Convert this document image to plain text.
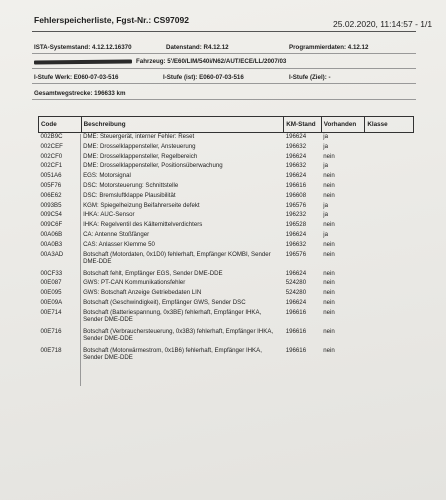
Fehlerspeicherliste, Fgst-Nr.: CS97092	25.02.2020, 11:14:57 - 1/1
ISTA-Systemstand: 4.12.12.16370	Datenstand: R4.12.12	Programmierdaten: 4.12.12
Fahrzeug: 5'/E60/LIM/540i/N62/AUT/ECE/LL/2007/03
I-Stufe Werk: E060-07-03-516	I-Stufe (ist): E060-07-03-516	I-Stufe (Ziel): -
Gesamtwegstrecke: 196633 km
Code	Beschreibung	KM-Stand	Vorhanden	Klasse
002B9C	DME: Steuergerät, interner Fehler: Reset	196624	ja	
002CEF	DME: Drosselklappensteller, Ansteuerung	196632	ja	
002CF0	DME: Drosselklappensteller, Regelbereich	196624	nein	
002CF1	DME: Drosselklappensteller, Positionsüberwachung	196632	ja	
0051A6	EGS: Motorsignal	196624	nein	
005F76	DSC: Motorsteuerung: Schnittstelle	196616	nein	
006E62	DSC: Bremsluftklappe Plausibilität	196608	nein	
0093B5	KGM: Spiegelheizung Beifahrerseite defekt	196576	ja	
009C54	IHKA: AUC-Sensor	196232	ja	
009C6F	IHKA: Regelventil des Kältemittelverdichters	196528	nein	
00A06B	CA: Antenne Stoßfänger	196624	ja	
00A0B3	CAS: Anlasser Klemme 50	196632	nein	
00A3AD	Botschaft (Motordaten, 0x1D0) fehlerhaft, Empfänger KOMBI, Sender DME-DDE	196576	nein	
00CF33	Botschaft fehlt, Empfänger EGS, Sender DME-DDE	196624	nein	
00E087	GWS: PT-CAN Kommunikationsfehler	524280	nein	
00E095	GWS: Botschaft Anzeige Getriebedaten LIN	524280	nein	
00E09A	Botschaft (Geschwindigkeit), Empfänger GWS, Sender DSC	196624	nein	
00E714	Botschaft (Batteriespannung, 0x3BE) fehlerhaft, Empfänger IHKA, Sender DME-DDE	196616	nein	
00E716	Botschaft (Verbrauchersteuerung, 0x3B3) fehlerhaft, Empfänger IHKA, Sender DME-DDE	196616	nein	
00E718	Botschaft (Motorwärmestrom, 0x1B6) fehlerhaft, Empfänger IHKA, Sender DME-DDE	196616	nein	
